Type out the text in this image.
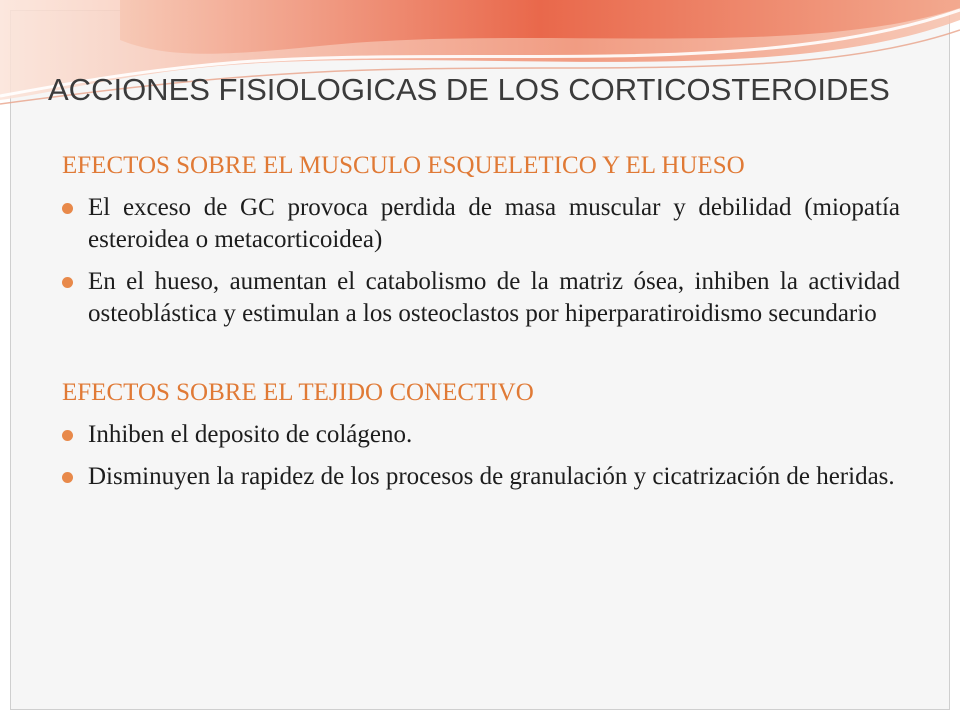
ACCIONES FISIOLOGICAS DE LOS CORTICOSTEROIDES

EFECTOS SOBRE EL MUSCULO ESQUELETICO Y EL HUESO

El exceso de GC provoca perdida de masa muscular y debilidad (miopatía esteroidea o metacorticoidea)
En el hueso, aumentan el catabolismo de la matriz ósea, inhiben la actividad osteoblástica y estimulan a los osteoclastos por hiperparatiroidismo secundario

EFECTOS SOBRE EL TEJIDO CONECTIVO

Inhiben el deposito de colágeno.
Disminuyen la rapidez de los procesos de granulación y cicatrización de heridas.
